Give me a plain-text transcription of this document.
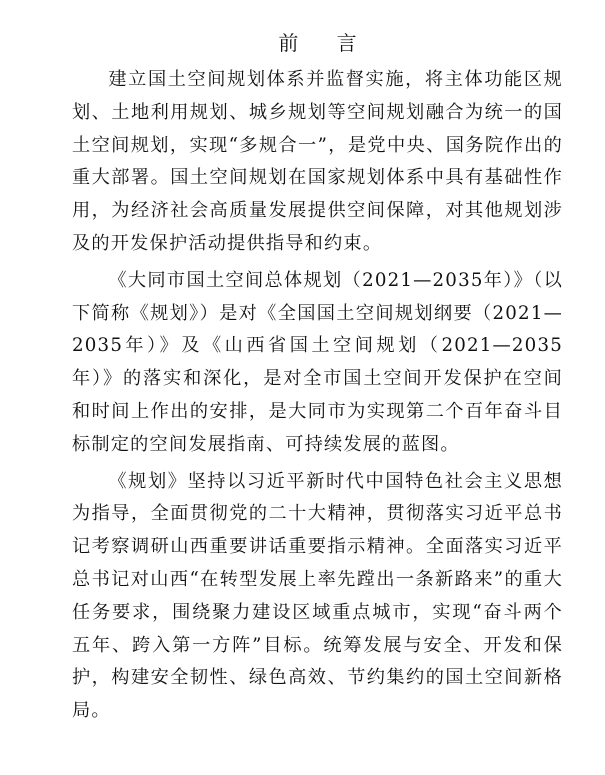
前 言

建立国土空间规划体系并监督实施，将主体功能区规划、土地利用规划、城乡规划等空间规划融合为统一的国土空间规划，实现“多规合一”，是党中央、国务院作出的重大部署。国土空间规划在国家规划体系中具有基础性作用，为经济社会高质量发展提供空间保障，对其他规划涉及的开发保护活动提供指导和约束。

《大同市国土空间总体规划（2021—2035年）》（以下简称《规划》）是对《全国国土空间规划纲要（2021—2035年）》及《山西省国土空间规划（2021—2035年）》的落实和深化，是对全市国土空间开发保护在空间和时间上作出的安排，是大同市为实现第二个百年奋斗目标制定的空间发展指南、可持续发展的蓝图。

《规划》坚持以习近平新时代中国特色社会主义思想为指导，全面贯彻党的二十大精神，贯彻落实习近平总书记考察调研山西重要讲话重要指示精神。全面落实习近平总书记对山西“在转型发展上率先蹚出一条新路来”的重大任务要求，围绕聚力建设区域重点城市，实现“奋斗两个五年、跨入第一方阵”目标。统筹发展与安全、开发和保护，构建安全韧性、绿色高效、节约集约的国土空间新格局。
